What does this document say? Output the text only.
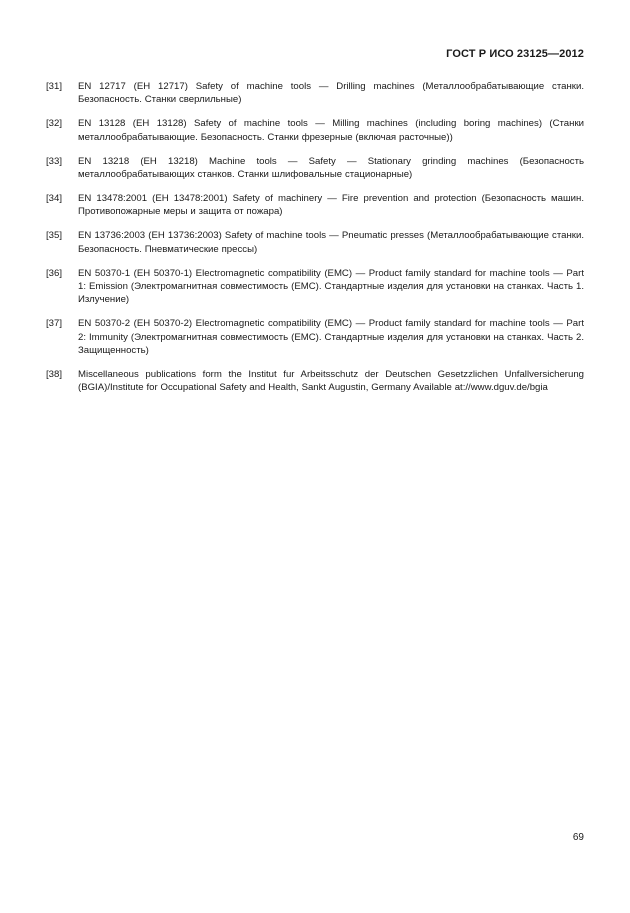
ГОСТ Р ИСО 23125—2012
[31]	EN 12717 (EH 12717) Safety of machine tools — Drilling machines (Металлообрабатывающие станки. Безопасность. Станки сверлильные)
[32]	EN 13128 (EH 13128) Safety of machine tools — Milling machines (including boring machines) (Станки металлообрабатывающие. Безопасность. Станки фрезерные (включая расточные))
[33]	EN 13218 (EH 13218) Machine tools — Safety — Stationary grinding machines (Безопасность металлообрабатывающих станков. Станки шлифовальные стационарные)
[34]	EN 13478:2001 (EH 13478:2001) Safety of machinery — Fire prevention and protection (Безопасность машин. Противопожарные меры и защита от пожара)
[35]	EN 13736:2003 (EH 13736:2003) Safety of machine tools — Pneumatic presses (Металлообрабатывающие станки. Безопасность. Пневматические прессы)
[36]	EN 50370-1 (EH 50370-1) Electromagnetic compatibility (EMC) — Product family standard for machine tools — Part 1: Emission (Электромагнитная совместимость (ЕМС). Стандартные изделия для установки на станках. Часть 1. Излучение)
[37]	EN 50370-2 (EH 50370-2) Electromagnetic compatibility (EMC) — Product family standard for machine tools — Part 2: Immunity (Электромагнитная совместимость (ЕМС). Стандартные изделия для установки на станках. Часть 2. Защищенность)
[38]	Miscellaneous publications form the Institut fur Arbeitsschutz der Deutschen Gesetzzlichen Unfallversicherung (BGIA)/Institute for Occupational Safety and Health, Sankt Augustin, Germany Available at://www.dguv.de/bgia
69
